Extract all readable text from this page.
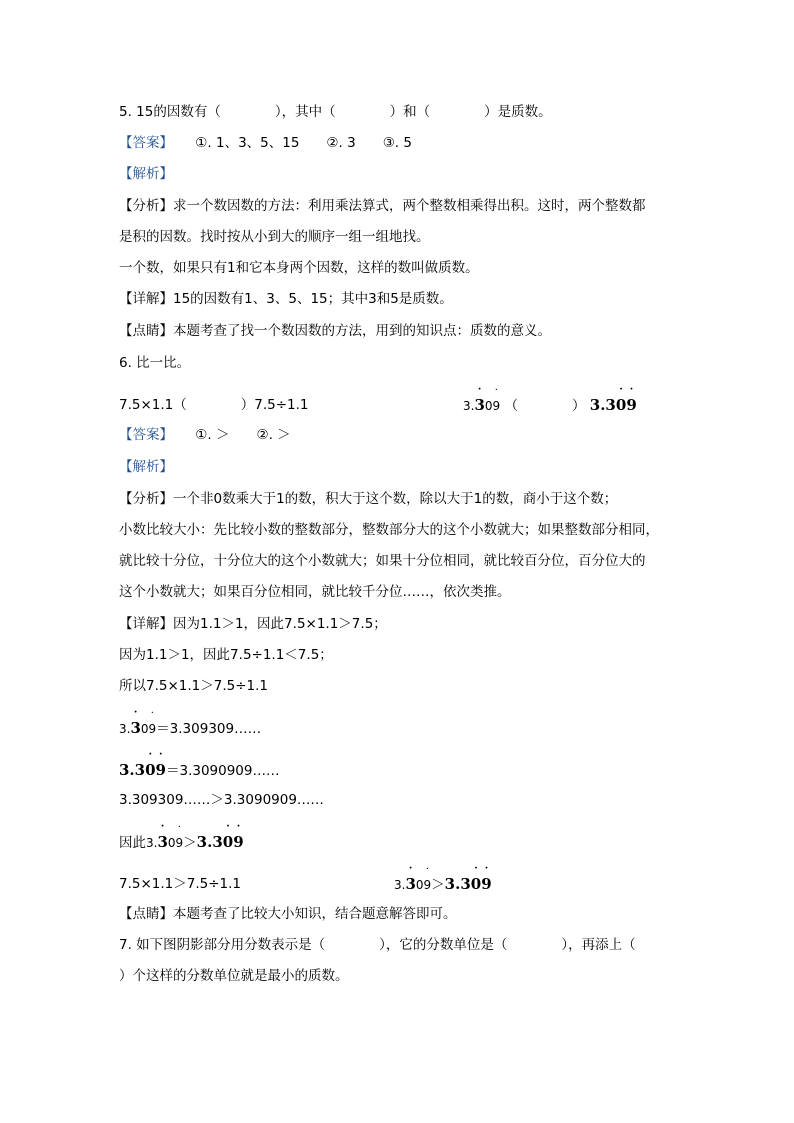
5. 15的因数有（　　　　），其中（　　　　）和（　　　　）是质数。
【答案】 ①. 1、3、5、15　　②. 3　　③. 5
【解析】
【分析】求一个数因数的方法：利用乘法算式，两个整数相乘得出积。这时，两个整数都
是积的因数。找时按从小到大的顺序一组一组地找。
一个数，如果只有1和它本身两个因数，这样的数叫做质数。
【详解】15的因数有1、3、5、15；其中3和5是质数。
【点睛】本题考查了找一个数因数的方法，用到的知识点：质数的意义。
6. 比一比。
7.5×1.1（　　　　）7.5÷1.1	3.
·
30
·
9 （　　　　） 3.3
·
0
·
9
【答案】 ①. ＞　　②. ＞
【解析】
【分析】一个非0数乘大于1的数，积大于这个数，除以大于1的数，商小于这个数；
小数比较大小：先比较小数的整数部分，整数部分大的这个小数就大；如果整数部分相同，
就比较十分位，十分位大的这个小数就大；如果十分位相同，就比较百分位，百分位大的
这个小数就大；如果百分位相同，就比较千分位……，依次类推。
【详解】因为1.1＞1，因此7.5×1.1＞7.5；
因为1.1＞1，因此7.5÷1.1＜7.5；
所以7.5×1.1＞7.5÷1.1
3.
·
30
·
9＝3.309309……
3.3
·
0
·
9＝3.3090909……
3.309309……＞3.3090909……
因此3.
·
30
·
9＞3.3
·
0
·
9
7.5×1.1＞7.5÷1.1	3.
·
30
·
9＞3.3
·
0
·
9
【点睛】本题考查了比较大小知识，结合题意解答即可。
7. 如下图阴影部分用分数表示是（　　　　），它的分数单位是（　　　　），再添上（
）个这样的分数单位就是最小的质数。
